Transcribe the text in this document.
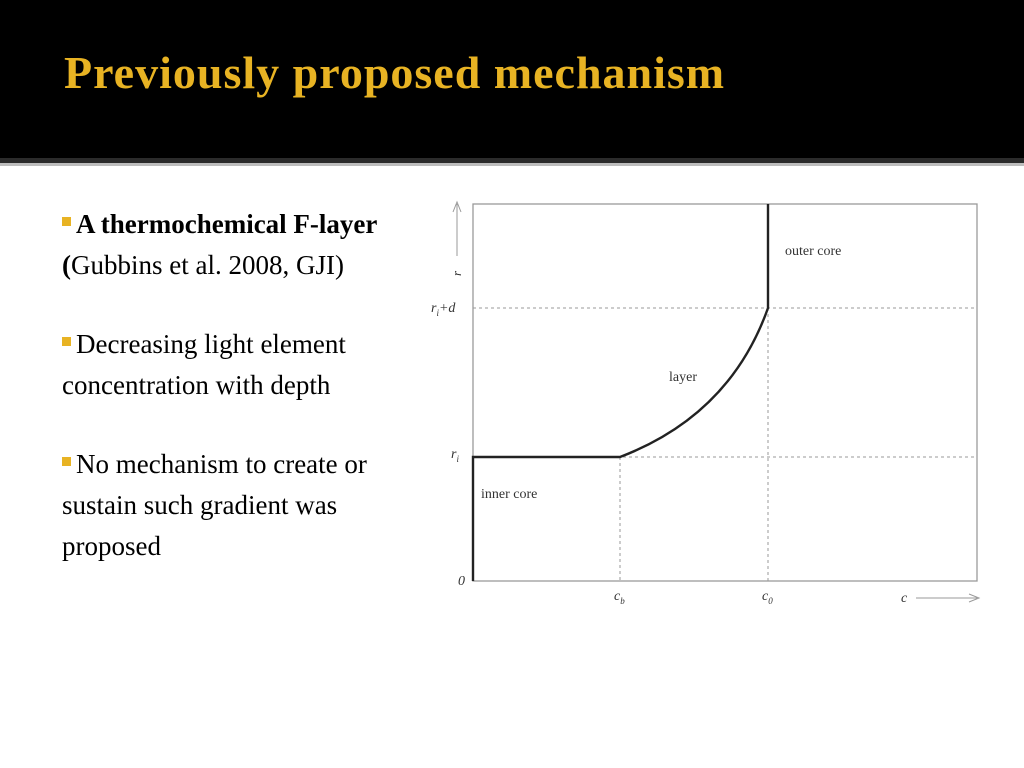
Previously proposed mechanism
A thermochemical F-layer (Gubbins et al. 2008, GJI)
Decreasing light element concentration with depth
No mechanism to create or sustain such gradient was proposed
r
c
$r_i+d$
$r_i$
0
$c_b$	$c_0$
outer core
layer
inner core
